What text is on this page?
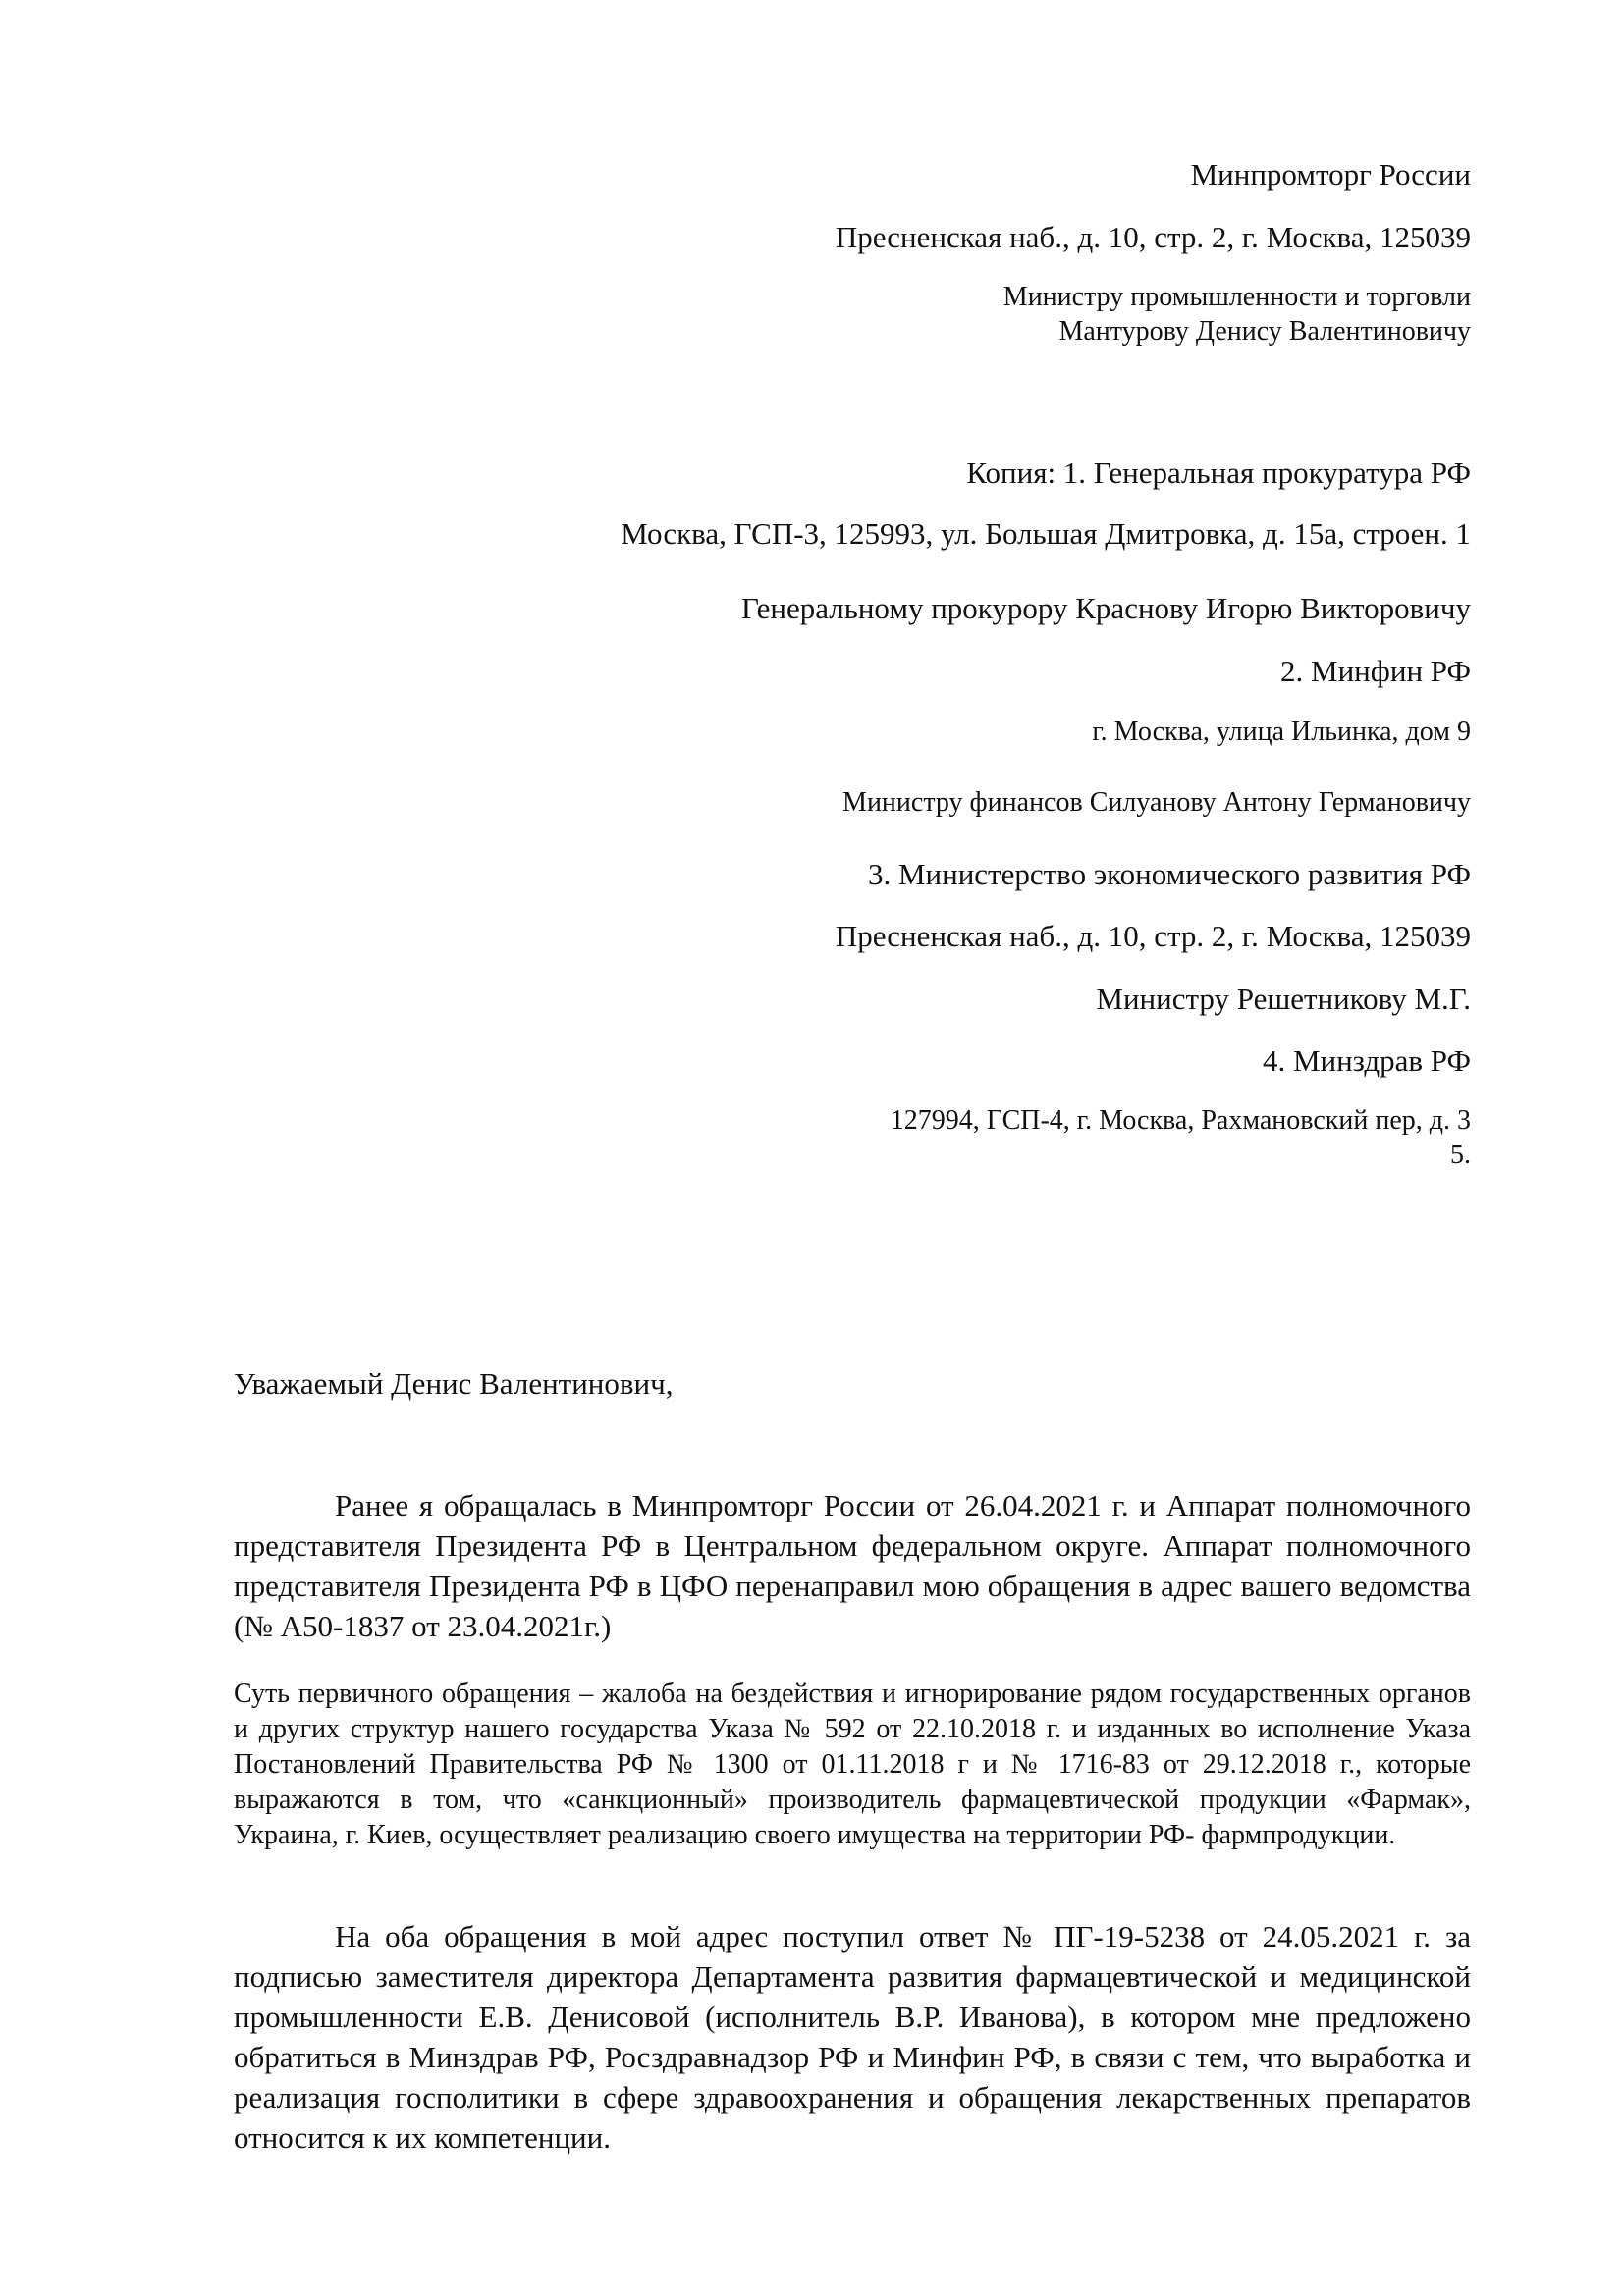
Минпромторг России
Пресненская наб., д. 10, стр. 2, г. Москва, 125039
Министру промышленности и торговли
Мантурову Денису Валентиновичу
Копия: 1. Генеральная прокуратура РФ
Москва, ГСП-3, 125993, ул. Большая Дмитровка, д. 15а, строен. 1
Генеральному прокурору Краснову Игорю Викторовичу
2. Минфин РФ
г. Москва, улица Ильинка, дом 9
Министру финансов Силуанову Антону Германовичу
3. Министерство экономического развития РФ
Пресненская наб., д. 10, стр. 2, г. Москва, 125039
Министру Решетникову М.Г.
4. Минздрав РФ
127994, ГСП-4, г. Москва, Рахмановский пер, д. 3
5.
Уважаемый Денис Валентинович,

Ранее я обращалась в Минпромторг России от 26.04.2021 г. и Аппарат полномочного представителя Президента РФ в Центральном федеральном округе. Аппарат полномочного представителя Президента РФ в ЦФО перенаправил мою обращения в адрес вашего ведомства (№ А50-1837 от 23.04.2021г.)

Суть первичного обращения – жалоба на бездействия и игнорирование рядом государственных органов и других структур нашего государства Указа № 592 от 22.10.2018 г. и изданных во исполнение Указа Постановлений Правительства РФ № 1300 от 01.11.2018 г и № 1716-83 от 29.12.2018 г., которые выражаются в том, что «санкционный» производитель фармацевтической продукции «Фармак», Украина, г. Киев, осуществляет реализацию своего имущества на территории РФ- фармпродукции.

На оба обращения в мой адрес поступил ответ № ПГ-19-5238 от 24.05.2021 г. за подписью заместителя директора Департамента развития фармацевтической и медицинской промышленности Е.В. Денисовой (исполнитель В.Р. Иванова), в котором мне предложено обратиться в Минздрав РФ, Росздравнадзор РФ и Минфин РФ, в связи с тем, что выработка и реализация госполитики в сфере здравоохранения и обращения лекарственных препаратов относится к их компетенции.
